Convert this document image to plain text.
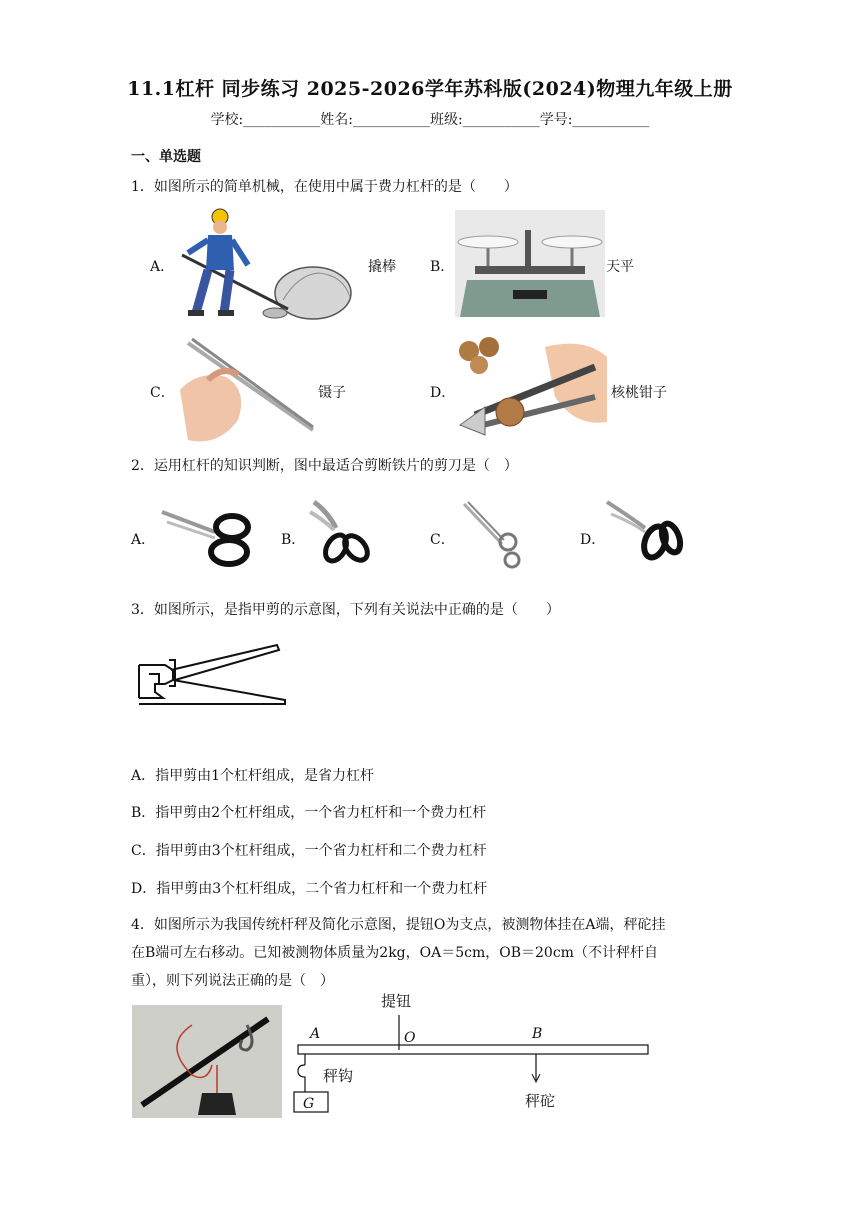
11.1杠杆 同步练习 2025-2026学年苏科版(2024)物理九年级上册
学校:___________姓名:___________班级:___________学号:___________
一、单选题
1．如图所示的简单机械，在使用中属于费力杠杆的是（　　）
A．	撬棒 B．	天平
C．	镊子	D．	核桃钳子
2．运用杠杆的知识判断，图中最适合剪断铁片的剪刀是（　）
A．	B．	C．	D．
3．如图所示，是指甲剪的示意图，下列有关说法中正确的是（　　）
A．指甲剪由1个杠杆组成，是省力杠杆
B．指甲剪由2个杠杆组成，一个省力杠杆和一个费力杠杆
C．指甲剪由3个杠杆组成，一个省力杠杆和二个费力杠杆
D．指甲剪由3个杠杆组成，二个省力杠杆和一个费力杠杆
4．如图所示为我国传统杆秤及简化示意图，提钮O为支点，被测物体挂在A端，秤砣挂
在B端可左右移动。已知被测物体质量为2kg，OA＝5cm，OB＝20cm（不计秤杆自
重），则下列说法正确的是（　）
提钮
A	O	B
秤钩
G	秤砣
